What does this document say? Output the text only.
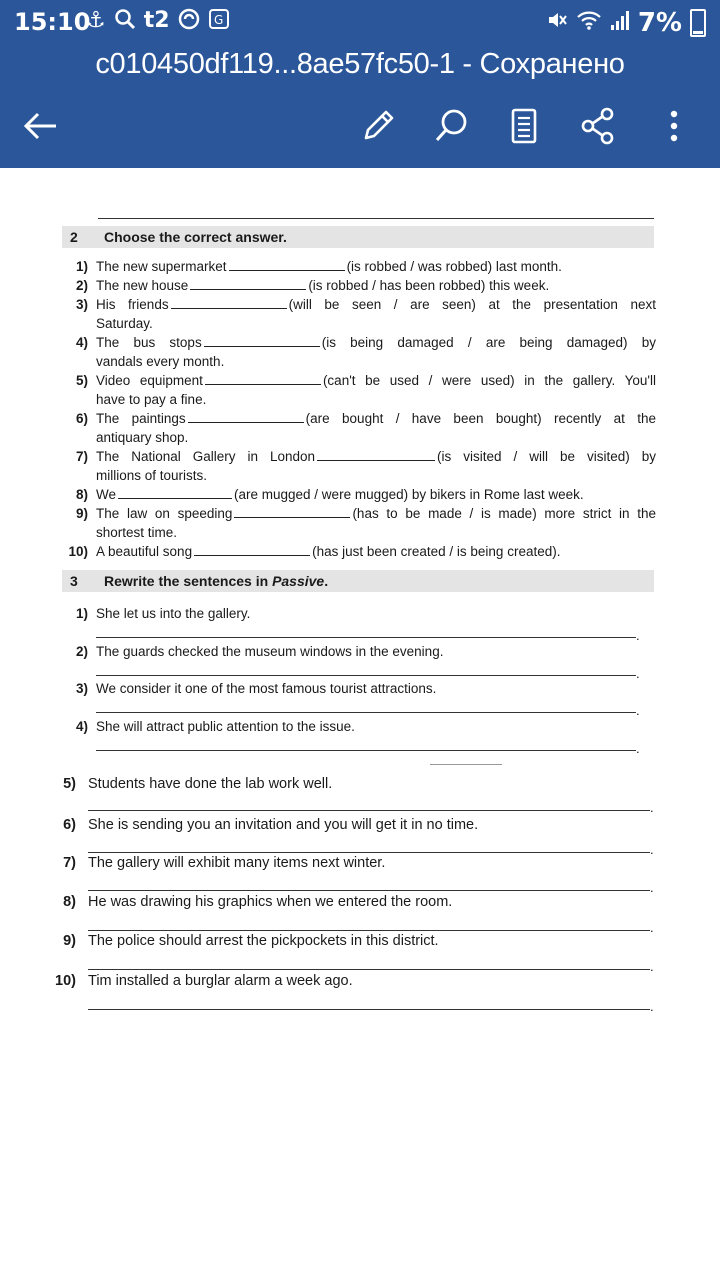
15:10
⚓ t2	G	7%
c010450df119...8ae57fc50-1 - Сохранено
2	Choose the correct answer.
1) The new supermarket	(is robbed / was robbed) last month.
2) The new house	(is robbed / has been robbed) this week.
3) His friends	(will be seen / are seen) at the presentation next
Saturday.
4) The bus stops	(is being damaged / are being damaged) by
vandals every month.
5) Video equipment	(can't be used / were used) in the gallery. You'll
have to pay a fine.
6) The paintings	(are bought / have been bought) recently at the
antiquary shop.
7) The National Gallery in London	(is visited / will be visited) by
millions of tourists.
8) We	(are mugged / were mugged) by bikers in Rome last week.
9) The law on speeding	(has to be made / is made) more strict in the
shortest time.
10) A beautiful song	(has just been created / is being created).
3	Rewrite the sentences in Passive.
1) She let us into the gallery.
.
2) The guards checked the museum windows in the evening.
.
3) We consider it one of the most famous tourist attractions.
.
4) She will attract public attention to the issue.
.
5) Students have done the lab work well.
.
6) She is sending you an invitation and you will get it in no time.
.
7) The gallery will exhibit many items next winter.
.
8) He was drawing his graphics when we entered the room.
.
9) The police should arrest the pickpockets in this district.
.
10) Tim installed a burglar alarm a week ago.
.
